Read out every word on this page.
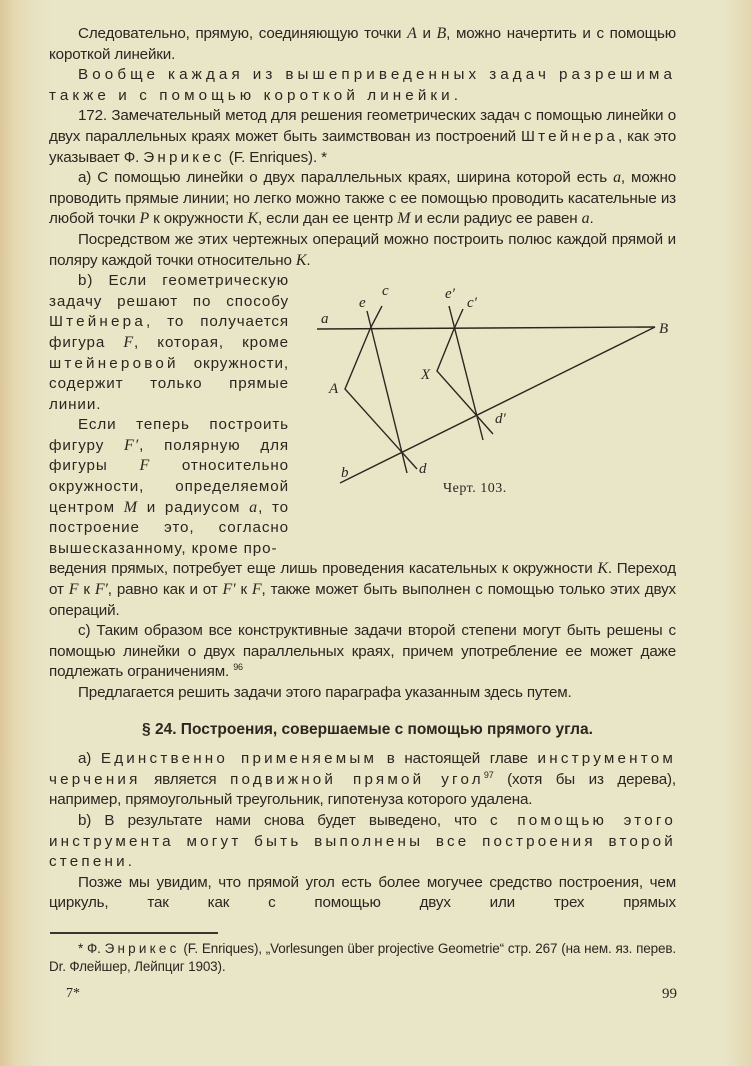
Следовательно, прямую, соединяющую точки A и B, можно начертить и с помощью короткой линейки.

Вообще каждая из вышеприведенных задач разрешима также и с помощью короткой линейки.

172. Замечательный метод для решения геометрических задач с помощью линейки о двух параллельных краях может быть заимствован из построений Штейнера, как это указывает Ф. Энрикес (F. Enriques). *

a) С помощью линейки о двух параллельных краях, ширина которой есть a, можно проводить прямые линии; но легко можно также с ее помощью проводить касательные из любой точки P к окружности K, если дан ее центр M и если радиус ее равен a.

Посредством же этих чертежных операций можно построить полюс каждой прямой и поляру каждой точки относительно K.

b) Если геометрическую задачу решают по способу Штейнера, то получается фигура F, которая, кроме штейнеровой окружности, содержит только прямые линии.

Если теперь построить фигуру F′, полярную для фигуры F относительно окружности, определяемой центром M и радиусом a, то построение это, согласно вышесказанному, кроме про-

a
B
b
e
c
A
d
e′
c′
X
d′
Черт. 103.

ведения прямых, потребует еще лишь проведения касательных к окружности K. Переход от F к F′, равно как и от F′ к F, также может быть выполнен с помощью только этих двух операций.

c) Таким образом все конструктивные задачи второй степени могут быть решены с помощью линейки о двух параллельных краях, причем употребление ее может даже подлежать ограничениям. $^{96}$

Предлагается решить задачи этого параграфа указанным здесь путем.

§ 24. Построения, совершаемые с помощью прямого угла.

a) Единственно применяемым в настоящей главе инструментом черчения является подвижной прямой угол$^{97}$ (хотя бы из дерева), например, прямоугольный треугольник, гипотенуза которого удалена.

b) В результате нами снова будет выведено, что с помощью этого инструмента могут быть выполнены все построения второй степени.

Позже мы увидим, что прямой угол есть более могучее средство построения, чем циркуль, так как с помощью двух или трех прямых

* Ф. Энрикес (F. Enriques), „Vorlesungen über projective Geometrie“ стр. 267 (на нем. яз. перев. Dr. Флейшер, Лейпциг 1903).

7*	99
